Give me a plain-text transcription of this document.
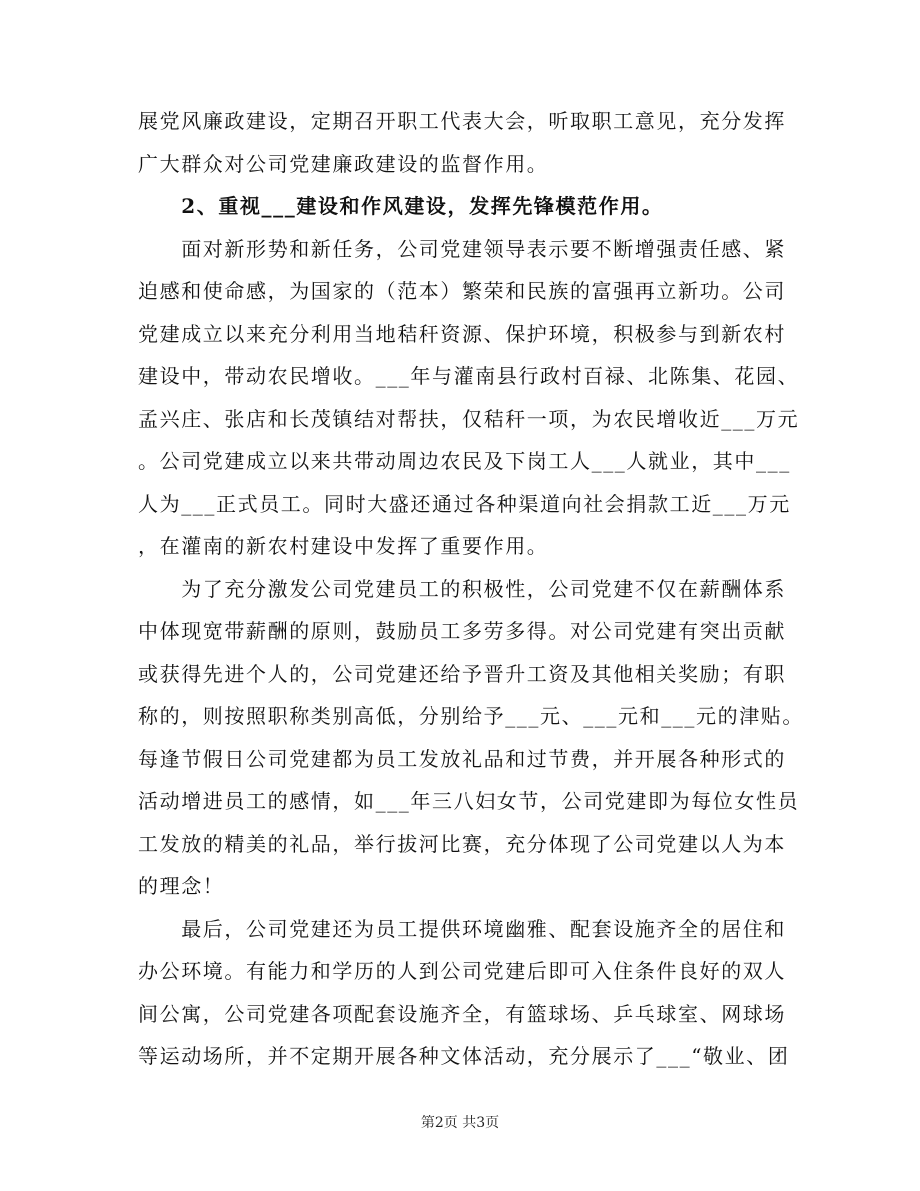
展党风廉政建设，定期召开职工代表大会，听取职工意见，充分发挥
广大群众对公司党建廉政建设的监督作用。
　　2、重视___建设和作风建设，发挥先锋模范作用。
　　面对新形势和新任务，公司党建领导表示要不断增强责任感、紧
迫感和使命感，为国家的（范本）繁荣和民族的富强再立新功。公司
党建成立以来充分利用当地秸秆资源、保护环境，积极参与到新农村
建设中，带动农民增收。___年与灌南县行政村百禄、北陈集、花园、
孟兴庄、张店和长茂镇结对帮扶，仅秸秆一项，为农民增收近___万元
。公司党建成立以来共带动周边农民及下岗工人___人就业，其中___
人为___正式员工。同时大盛还通过各种渠道向社会捐款工近___万元
，在灌南的新农村建设中发挥了重要作用。
　　为了充分激发公司党建员工的积极性，公司党建不仅在薪酬体系
中体现宽带薪酬的原则，鼓励员工多劳多得。对公司党建有突出贡献
或获得先进个人的，公司党建还给予晋升工资及其他相关奖励；有职
称的，则按照职称类别高低，分别给予___元、___元和___元的津贴。
每逢节假日公司党建都为员工发放礼品和过节费，并开展各种形式的
活动增进员工的感情，如___年三八妇女节，公司党建即为每位女性员
工发放的精美的礼品，举行拔河比赛，充分体现了公司党建以人为本
的理念！
　　最后，公司党建还为员工提供环境幽雅、配套设施齐全的居住和
办公环境。有能力和学历的人到公司党建后即可入住条件良好的双人
间公寓，公司党建各项配套设施齐全，有篮球场、乒乓球室、网球场
等运动场所，并不定期开展各种文体活动，充分展示了___“敬业、团
第2页 共3页
